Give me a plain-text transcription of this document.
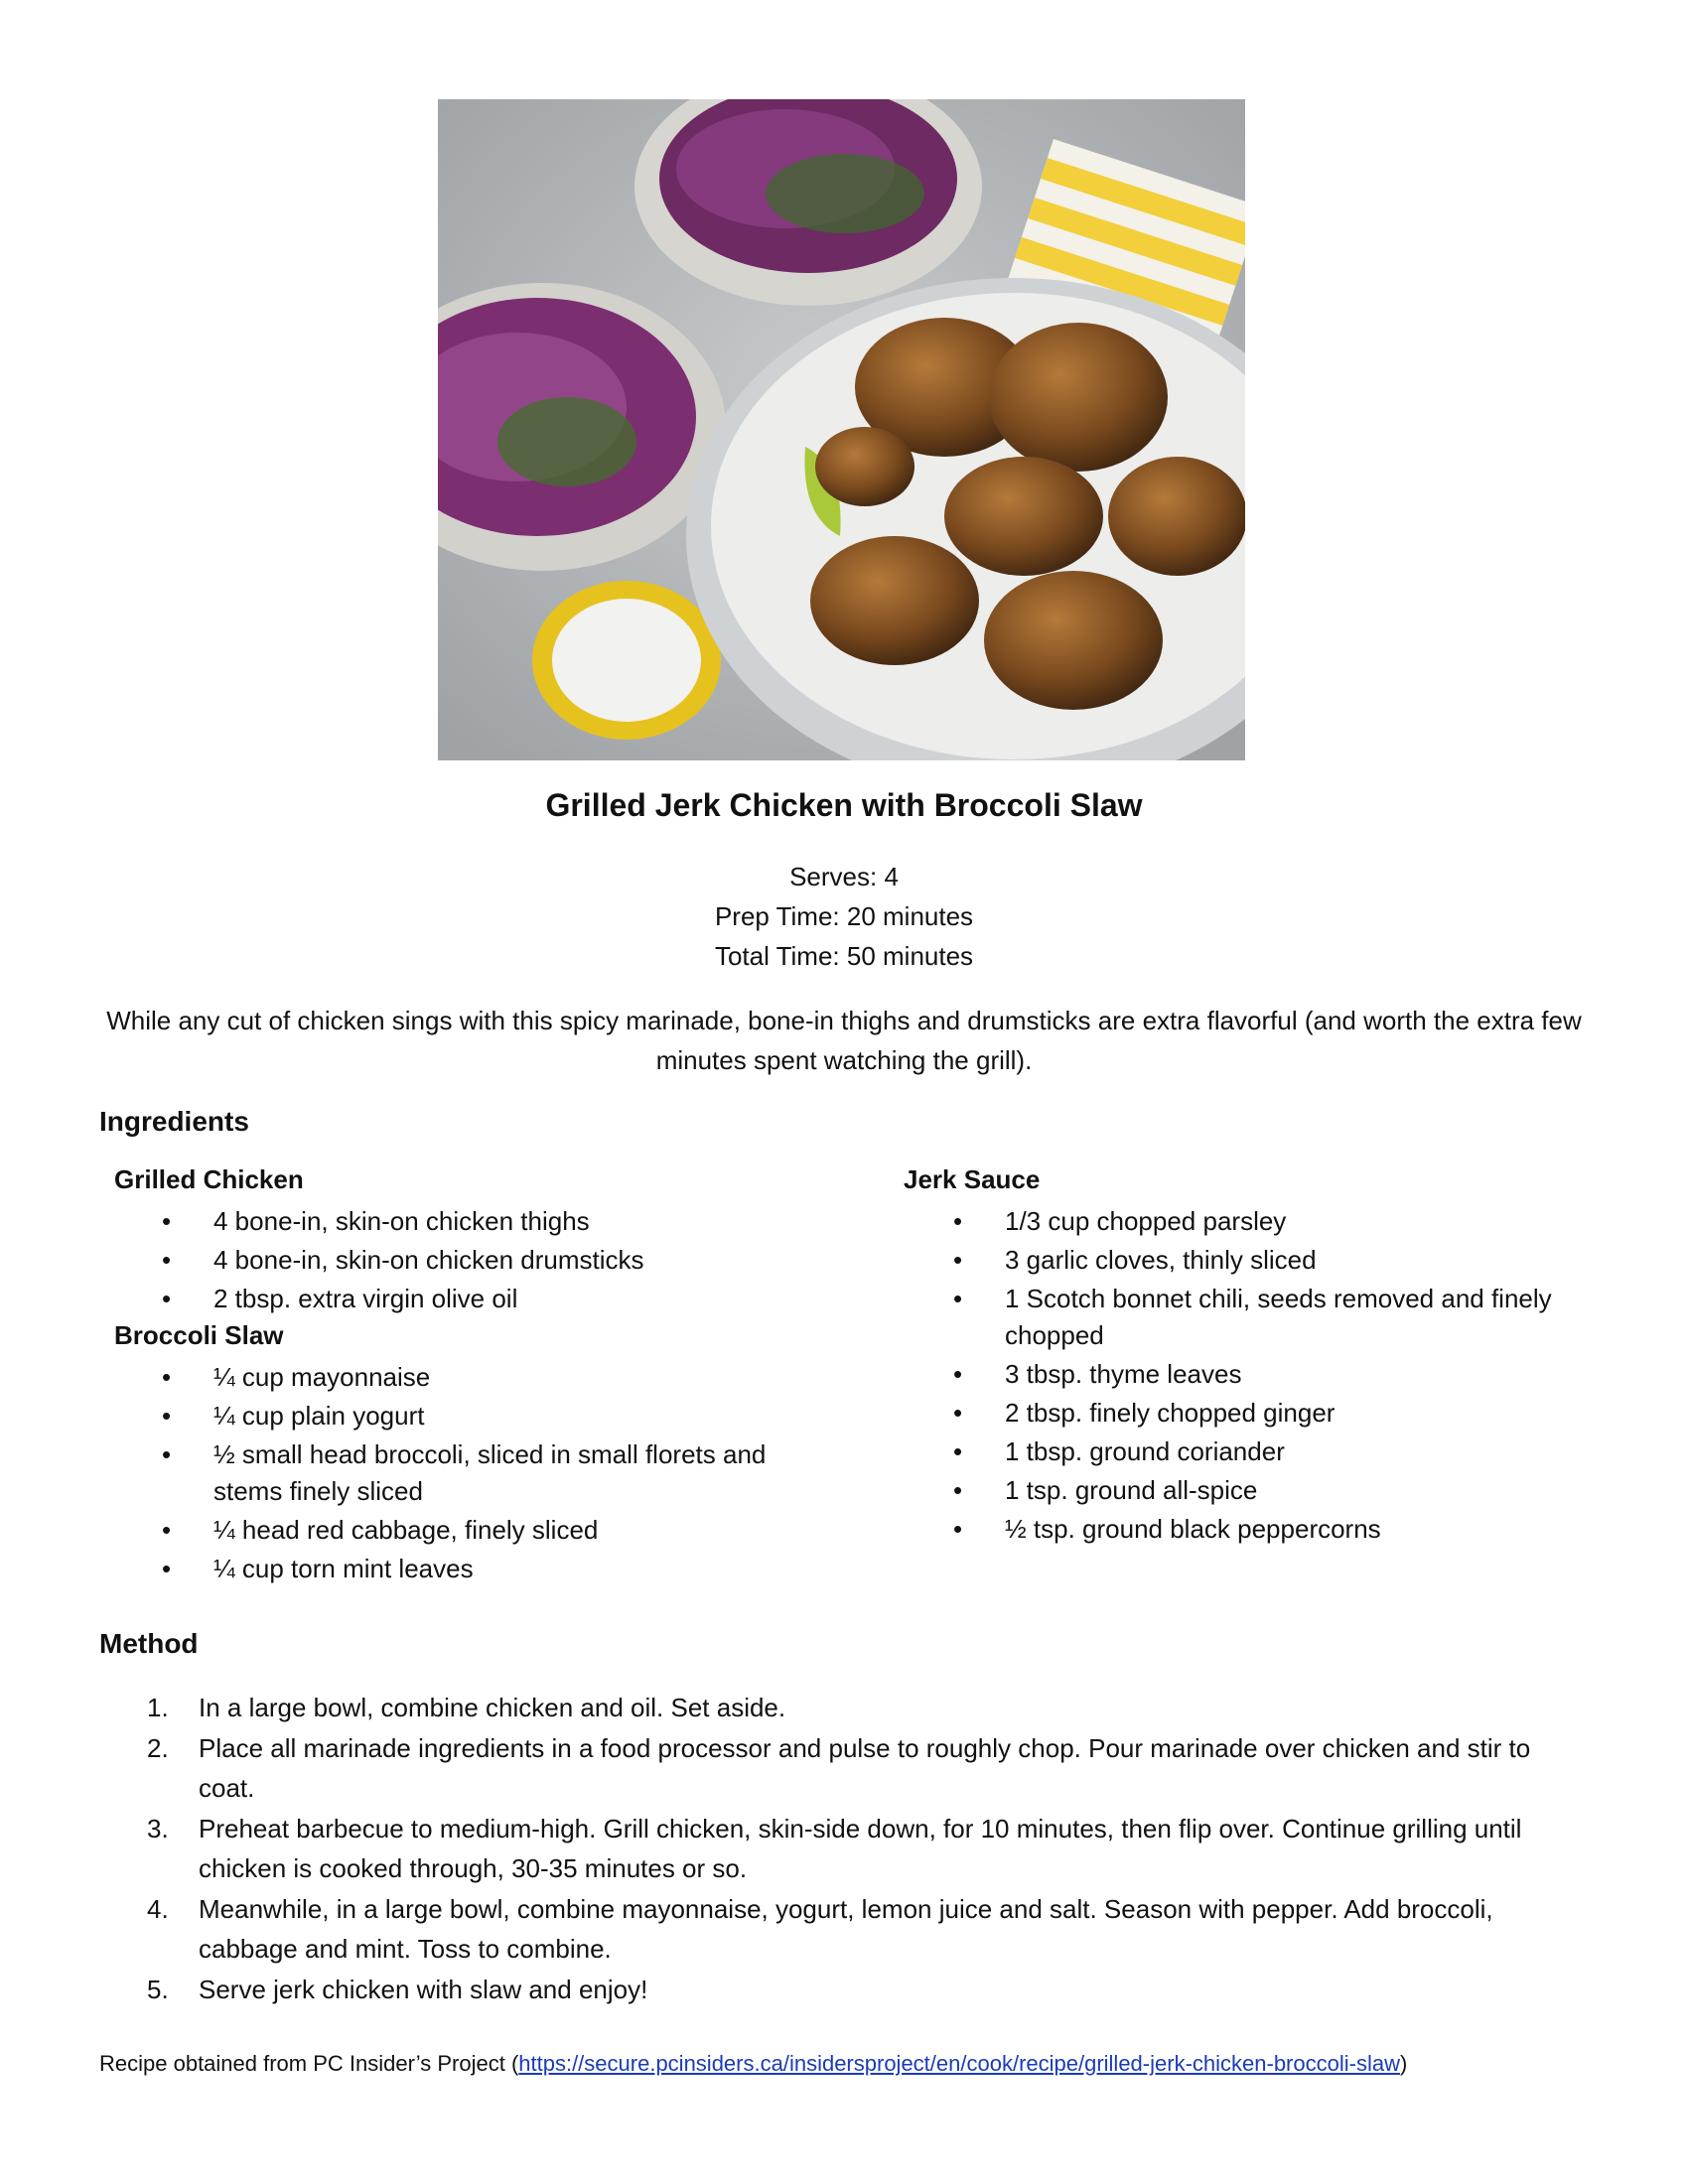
Grilled Jerk Chicken with Broccoli Slaw
Serves: 4
Prep Time: 20 minutes
Total Time: 50 minutes
While any cut of chicken sings with this spicy marinade, bone-in thighs and drumsticks are extra flavorful (and worth the extra few minutes spent watching the grill).
Ingredients
Grilled Chicken
• 4 bone-in, skin-on chicken thighs
• 4 bone-in, skin-on chicken drumsticks
• 2 tbsp. extra virgin olive oil
Broccoli Slaw
• ¼ cup mayonnaise
• ¼ cup plain yogurt
• ½ small head broccoli, sliced in small florets and stems finely sliced
• ¼ head red cabbage, finely sliced
• ¼ cup torn mint leaves
Jerk Sauce
• 1/3 cup chopped parsley
• 3 garlic cloves, thinly sliced
• 1 Scotch bonnet chili, seeds removed and finely chopped
• 3 tbsp. thyme leaves
• 2 tbsp. finely chopped ginger
• 1 tbsp. ground coriander
• 1 tsp. ground all-spice
• ½ tsp. ground black peppercorns
Method
1. In a large bowl, combine chicken and oil. Set aside.
2. Place all marinade ingredients in a food processor and pulse to roughly chop. Pour marinade over chicken and stir to coat.
3. Preheat barbecue to medium-high. Grill chicken, skin-side down, for 10 minutes, then flip over. Continue grilling until chicken is cooked through, 30-35 minutes or so.
4. Meanwhile, in a large bowl, combine mayonnaise, yogurt, lemon juice and salt. Season with pepper. Add broccoli, cabbage and mint. Toss to combine.
5. Serve jerk chicken with slaw and enjoy!
Recipe obtained from PC Insider’s Project (https://secure.pcinsiders.ca/insidersproject/en/cook/recipe/grilled-jerk-chicken-broccoli-slaw)
